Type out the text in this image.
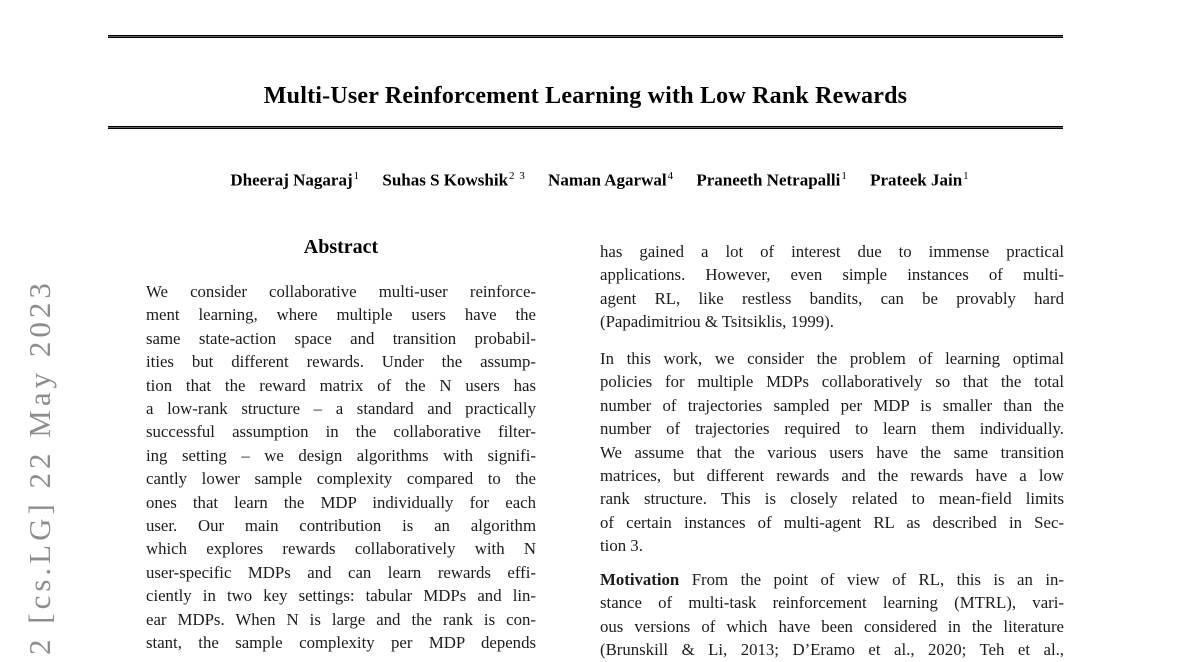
2 [cs.LG] 22 May 2023
Multi-User Reinforcement Learning with Low Rank Rewards
Dheeraj Nagaraj$^1$ Suhas S Kowshik$^{2 3}$ Naman Agarwal$^4$ Praneeth Netrapalli$^1$ Prateek Jain$^1$
Abstract
We consider collaborative multi-user reinforce-
ment learning, where multiple users have the
same state-action space and transition probabil-
ities but different rewards. Under the assump-
tion that the reward matrix of the N users has
a low-rank structure – a standard and practically
successful assumption in the collaborative filter-
ing setting – we design algorithms with signifi-
cantly lower sample complexity compared to the
ones that learn the MDP individually for each
user. Our main contribution is an algorithm
which explores rewards collaboratively with N
user-specific MDPs and can learn rewards effi-
ciently in two key settings: tabular MDPs and lin-
ear MDPs. When N is large and the rank is con-
stant, the sample complexity per MDP depends
has gained a lot of interest due to immense practical
applications. However, even simple instances of multi-
agent RL, like restless bandits, can be provably hard
(Papadimitriou & Tsitsiklis, 1999).
In this work, we consider the problem of learning optimal
policies for multiple MDPs collaboratively so that the total
number of trajectories sampled per MDP is smaller than the
number of trajectories required to learn them individually.
We assume that the various users have the same transition
matrices, but different rewards and the rewards have a low
rank structure. This is closely related to mean-field limits
of certain instances of multi-agent RL as described in Sec-
tion 3.
Motivation From the point of view of RL, this is an in-
stance of multi-task reinforcement learning (MTRL), vari-
ous versions of which have been considered in the literature
(Brunskill & Li, 2013; D’Eramo et al., 2020; Teh et al.,
